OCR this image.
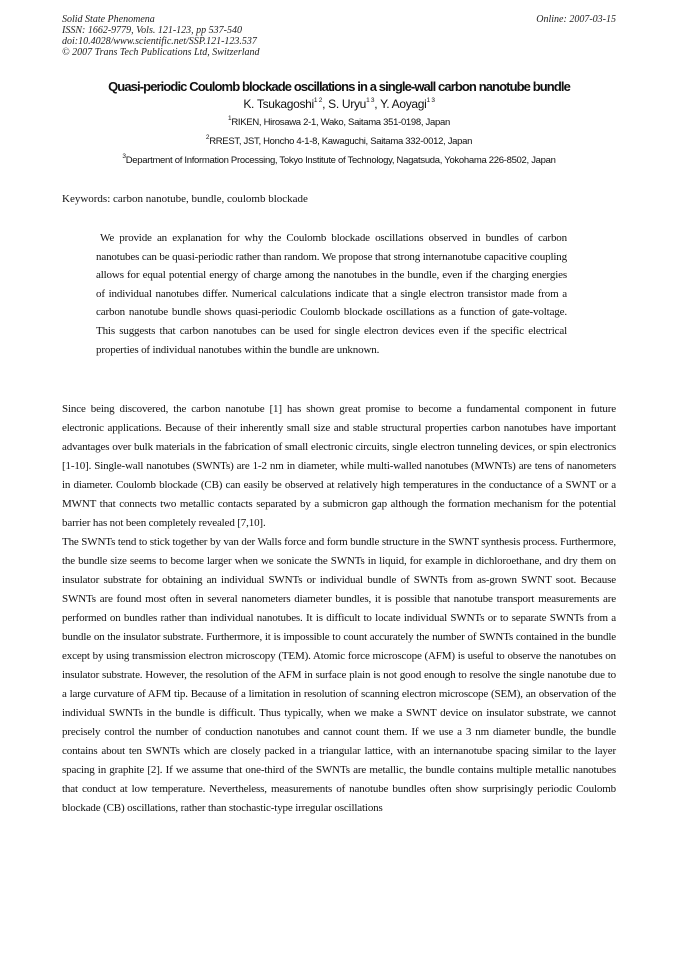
Solid State Phenomena
ISSN: 1662-9779, Vols. 121-123, pp 537-540
doi:10.4028/www.scientific.net/SSP.121-123.537
© 2007 Trans Tech Publications Ltd, Switzerland
Online: 2007-03-15
Quasi-periodic Coulomb blockade oscillations in a single-wall carbon nanotube bundle
K. Tsukagoshi$^{1 2}$, S. Uryu$^{1 3}$, Y. Aoyagi$^{1 3}$
$^1$RIKEN, Hirosawa 2-1, Wako, Saitama 351-0198, Japan
$^2$RREST, JST, Honcho 4-1-8, Kawaguchi, Saitama 332-0012, Japan
$^3$Department of Information Processing, Tokyo Institute of Technology, Nagatsuda, Yokohama 226-8502, Japan
Keywords: carbon nanotube, bundle, coulomb blockade
We provide an explanation for why the Coulomb blockade oscillations observed in bundles of carbon nanotubes can be quasi-periodic rather than random. We propose that strong internanotube capacitive coupling allows for equal potential energy of charge among the nanotubes in the bundle, even if the charging energies of individual nanotubes differ. Numerical calculations indicate that a single electron transistor made from a carbon nanotube bundle shows quasi-periodic Coulomb blockade oscillations as a function of gate-voltage. This suggests that carbon nanotubes can be used for single electron devices even if the specific electrical properties of individual nanotubes within the bundle are unknown.

Since being discovered, the carbon nanotube [1] has shown great promise to become a fundamental component in future electronic applications. Because of their inherently small size and stable structural properties carbon nanotubes have important advantages over bulk materials in the fabrication of small electronic circuits, single electron tunneling devices, or spin electronics [1-10]. Single-wall nanotubes (SWNTs) are 1-2 nm in diameter, while multi-walled nanotubes (MWNTs) are tens of nanometers in diameter. Coulomb blockade (CB) can easily be observed at relatively high temperatures in the conductance of a SWNT or a MWNT that connects two metallic contacts separated by a submicron gap although the formation mechanism for the potential barrier has not been completely revealed [7,10].

The SWNTs tend to stick together by van der Walls force and form bundle structure in the SWNT synthesis process. Furthermore, the bundle size seems to become larger when we sonicate the SWNTs in liquid, for example in dichloroethane, and dry them on insulator substrate for obtaining an individual SWNTs or individual bundle of SWNTs from as-grown SWNT soot. Because SWNTs are found most often in several nanometers diameter bundles, it is possible that nanotube transport measurements are performed on bundles rather than individual nanotubes. It is difficult to locate individual SWNTs or to separate SWNTs from a bundle on the insulator substrate. Furthermore, it is impossible to count accurately the number of SWNTs contained in the bundle except by using transmission electron microscopy (TEM). Atomic force microscope (AFM) is useful to observe the nanotubes on insulator substrate. However, the resolution of the AFM in surface plain is not good enough to resolve the single nanotube due to a large curvature of AFM tip. Because of a limitation in resolution of scanning electron microscope (SEM), an observation of the individual SWNTs in the bundle is difficult. Thus typically, when we make a SWNT device on insulator substrate, we cannot precisely control the number of conduction nanotubes and cannot count them. If we use a 3 nm diameter bundle, the bundle contains about ten SWNTs which are closely packed in a triangular lattice, with an internanotube spacing similar to the layer spacing in graphite [2]. If we assume that one-third of the SWNTs are metallic, the bundle contains multiple metallic nanotubes that conduct at low temperature. Nevertheless, measurements of nanotube bundles often show surprisingly periodic Coulomb blockade (CB) oscillations, rather than stochastic-type irregular oscillations
